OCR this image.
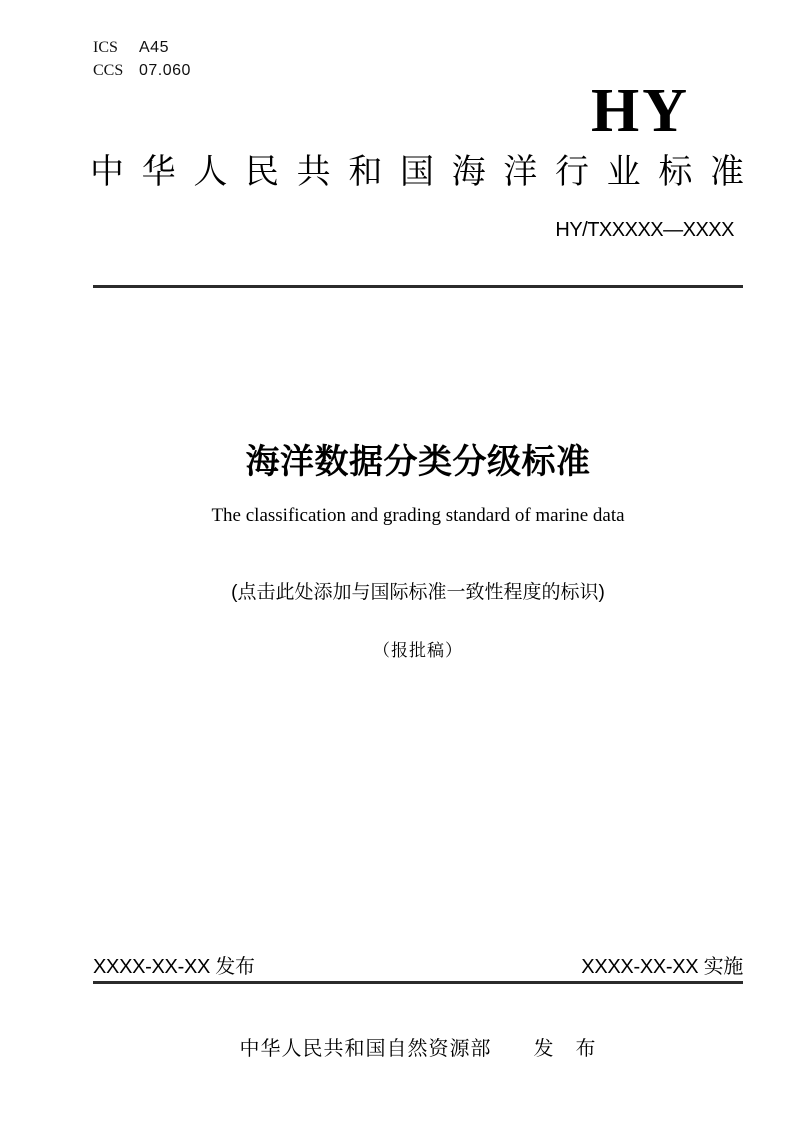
ICS A45
CCS 07.060
HY
中华人民共和国海洋行业标准
HY/TXXXXX—XXXX
海洋数据分类分级标准
The classification and grading standard of marine data
(点击此处添加与国际标准一致性程度的标识)
（报批稿）
XXXX-XX-XX 发布	XXXX-XX-XX 实施
中华人民共和国自然资源部　　发　布
